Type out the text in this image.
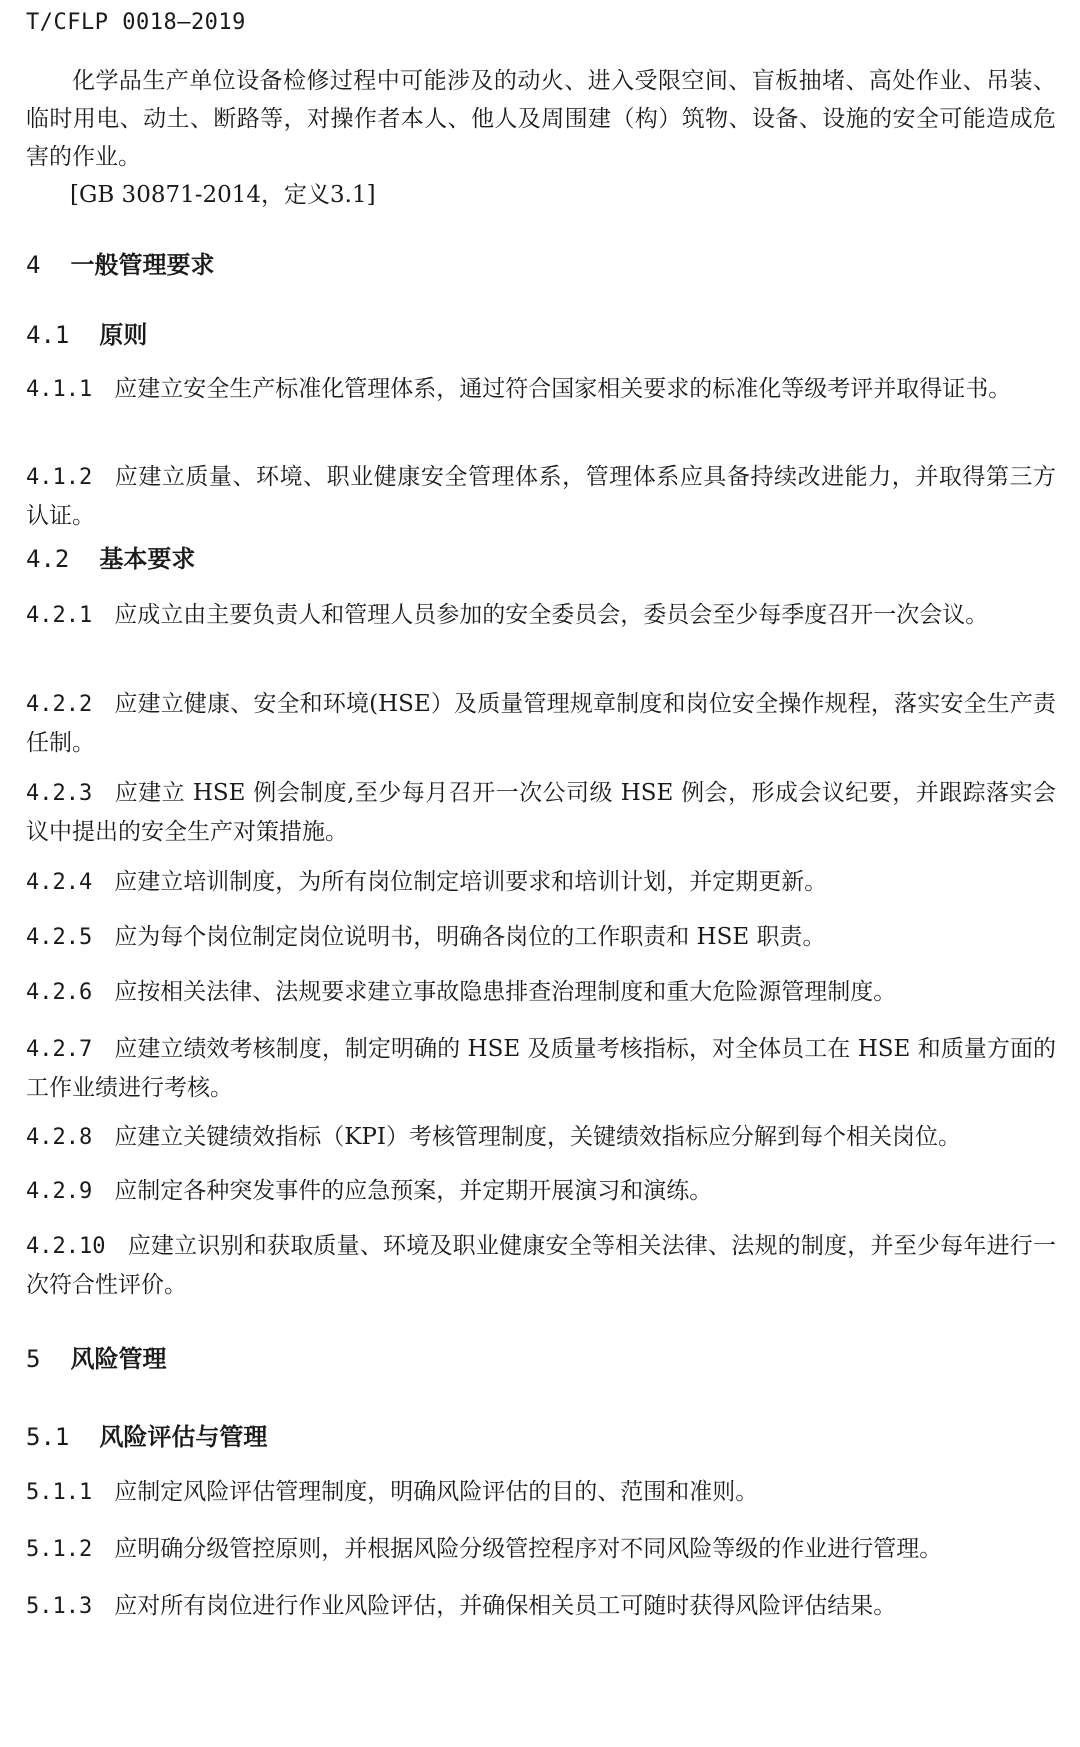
T/CFLP 0018—2019
化学品生产单位设备检修过程中可能涉及的动火、进入受限空间、盲板抽堵、高处作业、吊装、临时用电、动土、断路等，对操作者本人、他人及周围建（构）筑物、设备、设施的安全可能造成危害的作业。
[GB 30871-2014，定义3.1]
4 一般管理要求
4.1 原则
4.1.1 应建立安全生产标准化管理体系，通过符合国家相关要求的标准化等级考评并取得证书。
4.1.2 应建立质量、环境、职业健康安全管理体系，管理体系应具备持续改进能力，并取得第三方认证。
4.2 基本要求
4.2.1 应成立由主要负责人和管理人员参加的安全委员会，委员会至少每季度召开一次会议。
4.2.2 应建立健康、安全和环境(HSE）及质量管理规章制度和岗位安全操作规程，落实安全生产责任制。
4.2.3 应建立 HSE 例会制度,至少每月召开一次公司级 HSE 例会，形成会议纪要，并跟踪落实会议中提出的安全生产对策措施。
4.2.4 应建立培训制度，为所有岗位制定培训要求和培训计划，并定期更新。
4.2.5 应为每个岗位制定岗位说明书，明确各岗位的工作职责和 HSE 职责。
4.2.6 应按相关法律、法规要求建立事故隐患排查治理制度和重大危险源管理制度。
4.2.7 应建立绩效考核制度，制定明确的 HSE 及质量考核指标，对全体员工在 HSE 和质量方面的工作业绩进行考核。
4.2.8 应建立关键绩效指标（KPI）考核管理制度，关键绩效指标应分解到每个相关岗位。
4.2.9 应制定各种突发事件的应急预案，并定期开展演习和演练。
4.2.10 应建立识别和获取质量、环境及职业健康安全等相关法律、法规的制度，并至少每年进行一次符合性评价。
5 风险管理
5.1 风险评估与管理
5.1.1 应制定风险评估管理制度，明确风险评估的目的、范围和准则。
5.1.2 应明确分级管控原则，并根据风险分级管控程序对不同风险等级的作业进行管理。
5.1.3 应对所有岗位进行作业风险评估，并确保相关员工可随时获得风险评估结果。
